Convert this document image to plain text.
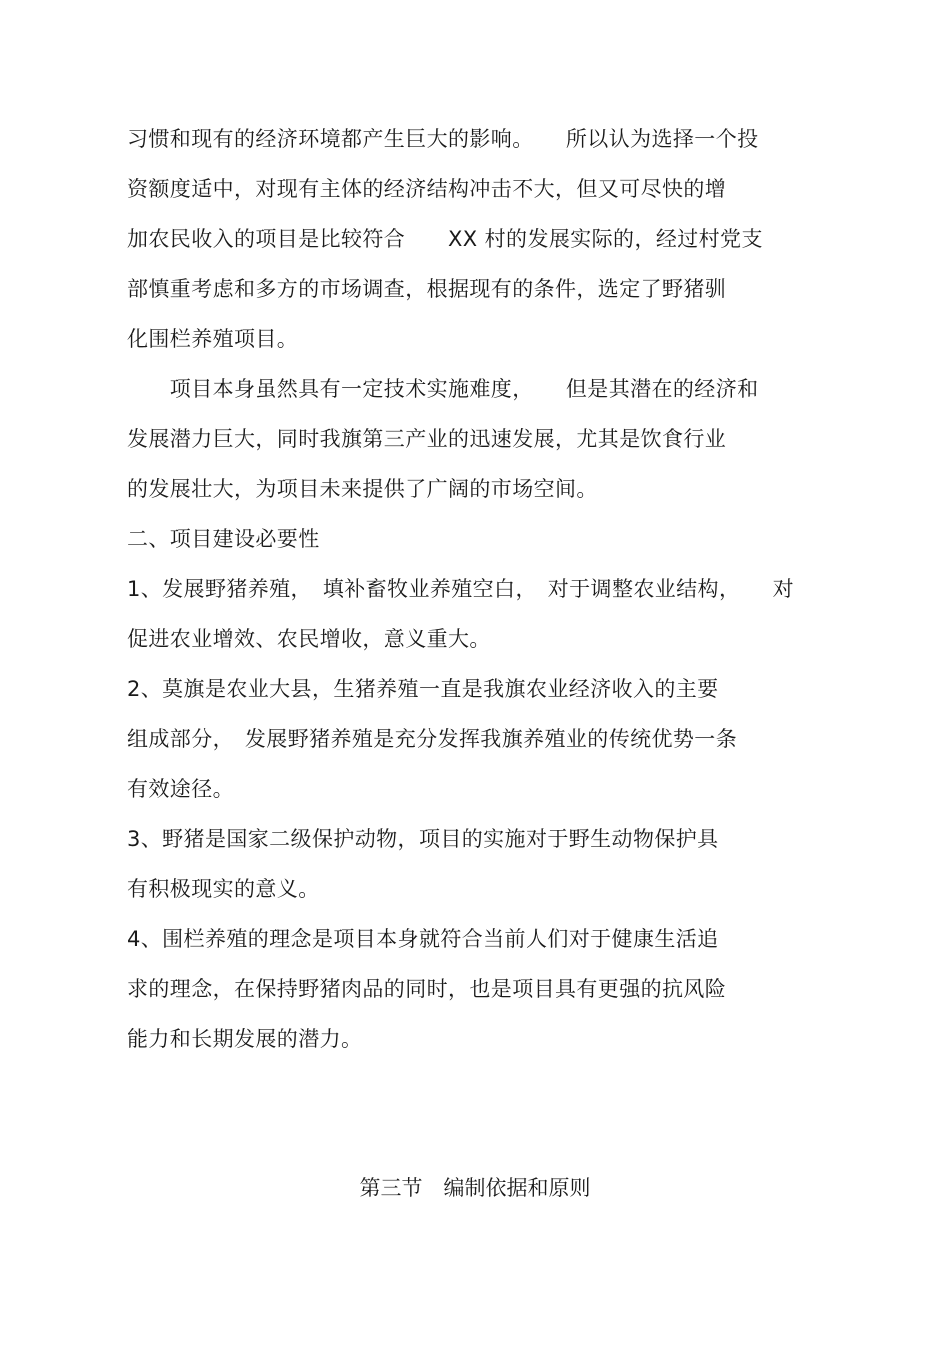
习惯和现有的经济环境都产生巨大的影响。　　所以认为选择一个投
资额度适中，对现有主体的经济结构冲击不大，但又可尽快的增
加农民收入的项目是比较符合　　XX 村的发展实际的，经过村党支
部慎重考虑和多方的市场调查，根据现有的条件，选定了野猪驯
化围栏养殖项目。
　　项目本身虽然具有一定技术实施难度，　　但是其潜在的经济和
发展潜力巨大，同时我旗第三产业的迅速发展，尤其是饮食行业
的发展壮大，为项目未来提供了广阔的市场空间。
二、项目建设必要性
1、发展野猪养殖，　填补畜牧业养殖空白，　对于调整农业结构，　　对
促进农业增效、农民增收，意义重大。
2、莫旗是农业大县，生猪养殖一直是我旗农业经济收入的主要
组成部分，　发展野猪养殖是充分发挥我旗养殖业的传统优势一条
有效途径。
3、野猪是国家二级保护动物，项目的实施对于野生动物保护具
有积极现实的意义。
4、围栏养殖的理念是项目本身就符合当前人们对于健康生活追
求的理念，在保持野猪肉品的同时，也是项目具有更强的抗风险
能力和长期发展的潜力。
第三节　编制依据和原则
